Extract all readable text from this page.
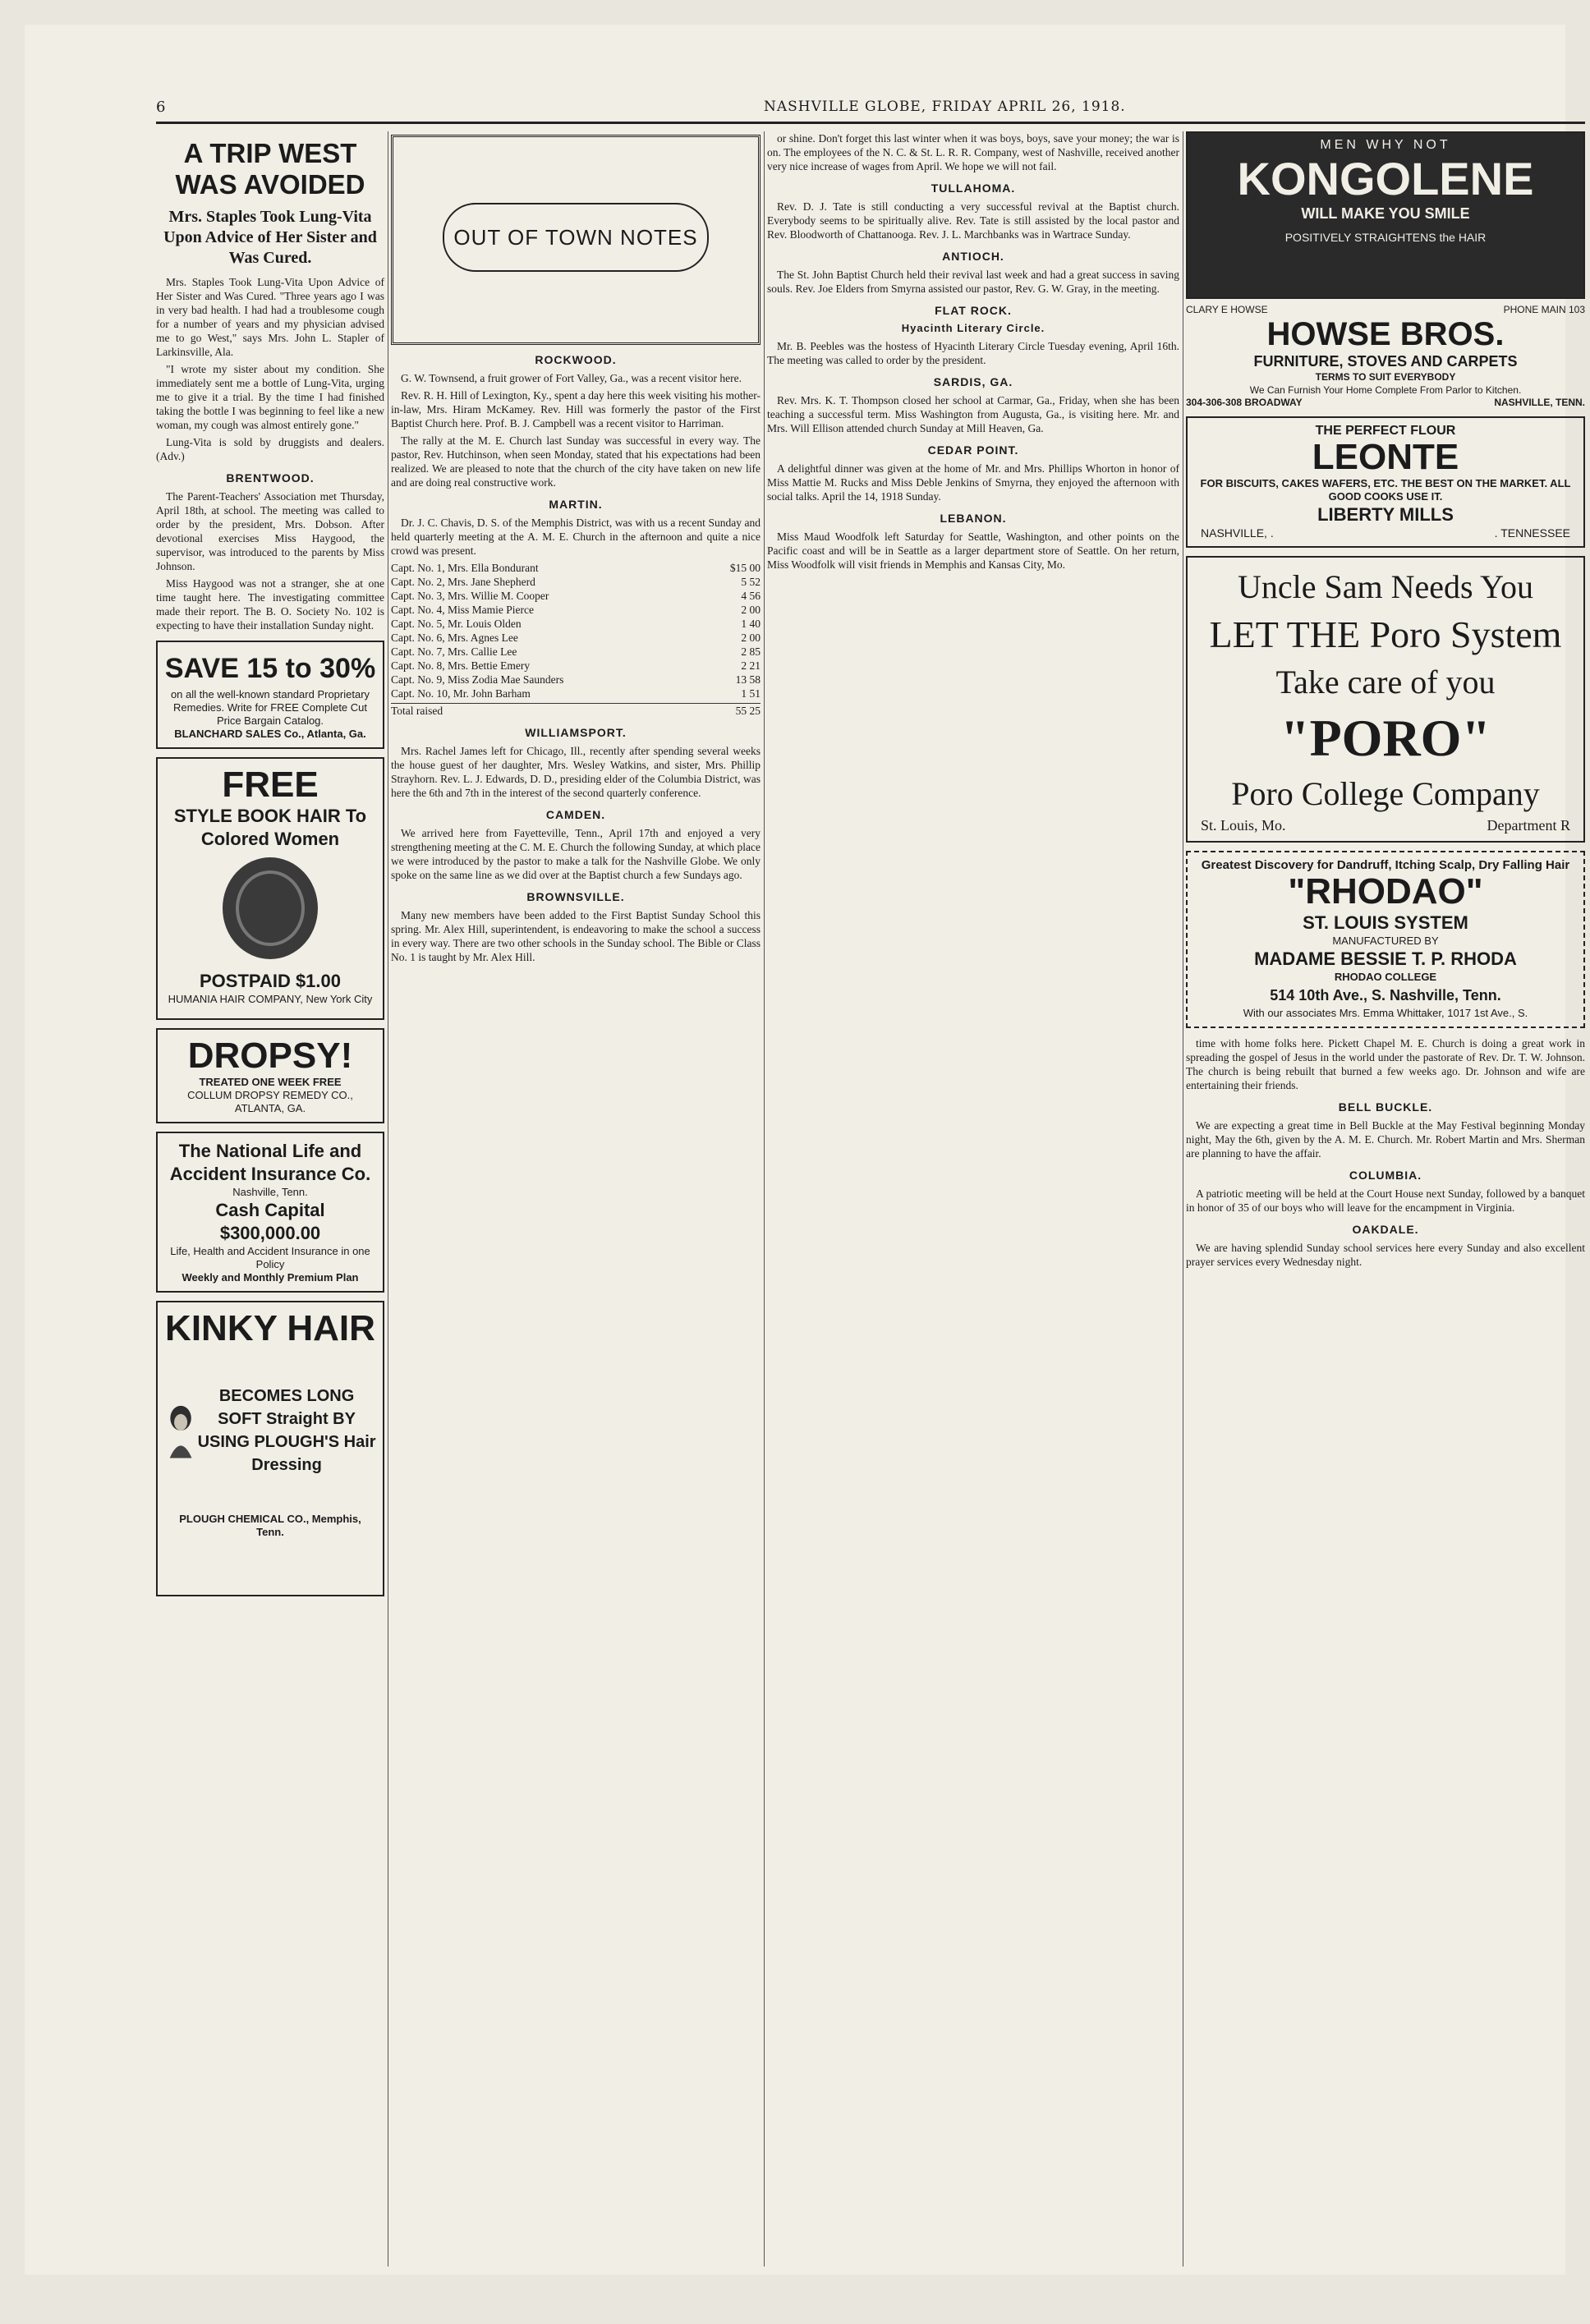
6	NASHVILLE GLOBE, FRIDAY APRIL 26, 1918.
A TRIP WEST WAS AVOIDED
Mrs. Staples Took Lung-Vita Upon Advice of Her Sister and Was Cured.

Mrs. Staples Took Lung-Vita Upon Advice of Her Sister and Was Cured. "Three years ago I was in very bad health. I had had a troublesome cough for a number of years and my physician advised me to go West," says Mrs. John L. Stapler of Larkinsville, Ala.

"I wrote my sister about my condition. She immediately sent me a bottle of Lung-Vita, urging me to give it a trial. By the time I had finished taking the bottle I was beginning to feel like a new woman, my cough was almost entirely gone."

Lung-Vita is sold by druggists and dealers. (Adv.)

BRENTWOOD.

The Parent-Teachers' Association met Thursday, April 18th, at school. The meeting was called to order by the president, Mrs. Dobson. After devotional exercises Miss Haygood, the supervisor, was introduced to the parents by Miss Johnson.

Miss Haygood was not a stranger, she at one time taught here. The investigating committee made their report. The B. O. Society No. 102 is expecting to have their installation Sunday night.

SAVE 15 to 30%
on all the well-known standard Proprietary Remedies. Write for FREE Complete Cut Price Bargain Catalog.
BLANCHARD SALES Co., Atlanta, Ga.
FREE
STYLE BOOK HAIR To Colored Women
POSTPAID $1.00
HUMANIA HAIR COMPANY, New York City
DROPSY!
TREATED ONE WEEK FREE
COLLUM DROPSY REMEDY CO., ATLANTA, GA.
The National Life and Accident Insurance Co.
Nashville, Tenn.
Cash Capital $300,000.00
Life, Health and Accident Insurance in one Policy
Weekly and Monthly Premium Plan
KINKY HAIR
BECOMES LONG SOFT Straight BY USING PLOUGH'S Hair Dressing
PLOUGH CHEMICAL CO., Memphis, Tenn.
OUT OF TOWN NOTES
ROCKWOOD.

G. W. Townsend, a fruit grower of Fort Valley, Ga., was a recent visitor here.

Rev. R. H. Hill of Lexington, Ky., spent a day here this week visiting his mother-in-law, Mrs. Hiram McKamey. Rev. Hill was formerly the pastor of the First Baptist Church here. Prof. B. J. Campbell was a recent visitor to Harriman.

The rally at the M. E. Church last Sunday was successful in every way. The pastor, Rev. Hutchinson, when seen Monday, stated that his expectations had been realized. We are pleased to note that the church of the city have taken on new life and are doing real constructive work.

MARTIN.

Dr. J. C. Chavis, D. S. of the Memphis District, was with us a recent Sunday and held quarterly meeting at the A. M. E. Church in the afternoon and quite a nice crowd was present.

Capt. No. 1, Mrs. Ella Bondurant	$15 00
Capt. No. 2, Mrs. Jane Shepherd	5 52
Capt. No. 3, Mrs. Willie M. Cooper	4 56
Capt. No. 4, Miss Mamie Pierce	2 00
Capt. No. 5, Mr. Louis Olden	1 40
Capt. No. 6, Mrs. Agnes Lee	2 00
Capt. No. 7, Mrs. Callie Lee	2 85
Capt. No. 8, Mrs. Bettie Emery	2 21
Capt. No. 9, Miss Zodia Mae Saunders	13 58
Capt. No. 10, Mr. John Barham	1 51
Total raised	55 25
WILLIAMSPORT.

Mrs. Rachel James left for Chicago, Ill., recently after spending several weeks the house guest of her daughter, Mrs. Wesley Watkins, and sister, Mrs. Phillip Strayhorn. Rev. L. J. Edwards, D. D., presiding elder of the Columbia District, was here the 6th and 7th in the interest of the second quarterly conference.

CAMDEN.

We arrived here from Fayetteville, Tenn., April 17th and enjoyed a very strengthening meeting at the C. M. E. Church the following Sunday, at which place we were introduced by the pastor to make a talk for the Nashville Globe. We only spoke on the same line as we did over at the Baptist church a few Sundays ago.

BROWNSVILLE.

Many new members have been added to the First Baptist Sunday School this spring. Mr. Alex Hill, superintendent, is endeavoring to make the school a success in every way. There are two other schools in the Sunday school. The Bible or Class No. 1 is taught by Mr. Alex Hill.

or shine. Don't forget this last winter when it was boys, boys, save your money; the war is on. The employees of the N. C. & St. L. R. R. Company, west of Nashville, received another very nice increase of wages from April. We hope we will not fail.

TULLAHOMA.

Rev. D. J. Tate is still conducting a very successful revival at the Baptist church. Everybody seems to be spiritually alive. Rev. Tate is still assisted by the local pastor and Rev. Bloodworth of Chattanooga. Rev. J. L. Marchbanks was in Wartrace Sunday.

ANTIOCH.

The St. John Baptist Church held their revival last week and had a great success in saving souls. Rev. Joe Elders from Smyrna assisted our pastor, Rev. G. W. Gray, in the meeting.

FLAT ROCK.
Hyacinth Literary Circle.

Mr. B. Peebles was the hostess of Hyacinth Literary Circle Tuesday evening, April 16th. The meeting was called to order by the president.

SARDIS, GA.

Rev. Mrs. K. T. Thompson closed her school at Carmar, Ga., Friday, when she has been teaching a successful term. Miss Washington from Augusta, Ga., is visiting here. Mr. and Mrs. Will Ellison attended church Sunday at Mill Heaven, Ga.

CEDAR POINT.

A delightful dinner was given at the home of Mr. and Mrs. Phillips Whorton in honor of Miss Mattie M. Rucks and Miss Deble Jenkins of Smyrna, they enjoyed the afternoon with social talks. April the 14, 1918 Sunday.

LEBANON.

Miss Maud Woodfolk left Saturday for Seattle, Washington, and other points on the Pacific coast and will be in Seattle as a larger department store of Seattle. On her return, Miss Woodfolk will visit friends in Memphis and Kansas City, Mo.

MEN WHY NOT
KONGOLENE
WILL MAKE YOU SMILE
POSITIVELY STRAIGHTENS the HAIR
CLARY E HOWSE	PHONE MAIN 103
HOWSE BROS.
FURNITURE, STOVES AND CARPETS
TERMS TO SUIT EVERYBODY
We Can Furnish Your Home Complete From Parlor to Kitchen.
304-306-308 BROADWAY	NASHVILLE, TENN.
THE PERFECT FLOUR
LEONTE
FOR BISCUITS, CAKES WAFERS, ETC. THE BEST ON THE MARKET. ALL GOOD COOKS USE IT.
LIBERTY MILLS
NASHVILLE, .	. TENNESSEE
Uncle Sam Needs You
LET THE Poro System
Take care of you
"PORO"
Poro College Company
St. Louis, Mo.	Department R
Greatest Discovery for Dandruff, Itching Scalp, Dry Falling Hair
"RHODAO"
ST. LOUIS SYSTEM
MANUFACTURED BY
MADAME BESSIE T. P. RHODA
RHODAO COLLEGE
514 10th Ave., S. Nashville, Tenn.
With our associates Mrs. Emma Whittaker, 1017 1st Ave., S.

time with home folks here. Pickett Chapel M. E. Church is doing a great work in spreading the gospel of Jesus in the world under the pastorate of Rev. Dr. T. W. Johnson. The church is being rebuilt that burned a few weeks ago. Dr. Johnson and wife are entertaining their friends.

BELL BUCKLE.

We are expecting a great time in Bell Buckle at the May Festival beginning Monday night, May the 6th, given by the A. M. E. Church. Mr. Robert Martin and Mrs. Sherman are planning to have the affair.

COLUMBIA.

A patriotic meeting will be held at the Court House next Sunday, followed by a banquet in honor of 35 of our boys who will leave for the encampment in Virginia.

OAKDALE.

We are having splendid Sunday school services here every Sunday and also excellent prayer services every Wednesday night.
